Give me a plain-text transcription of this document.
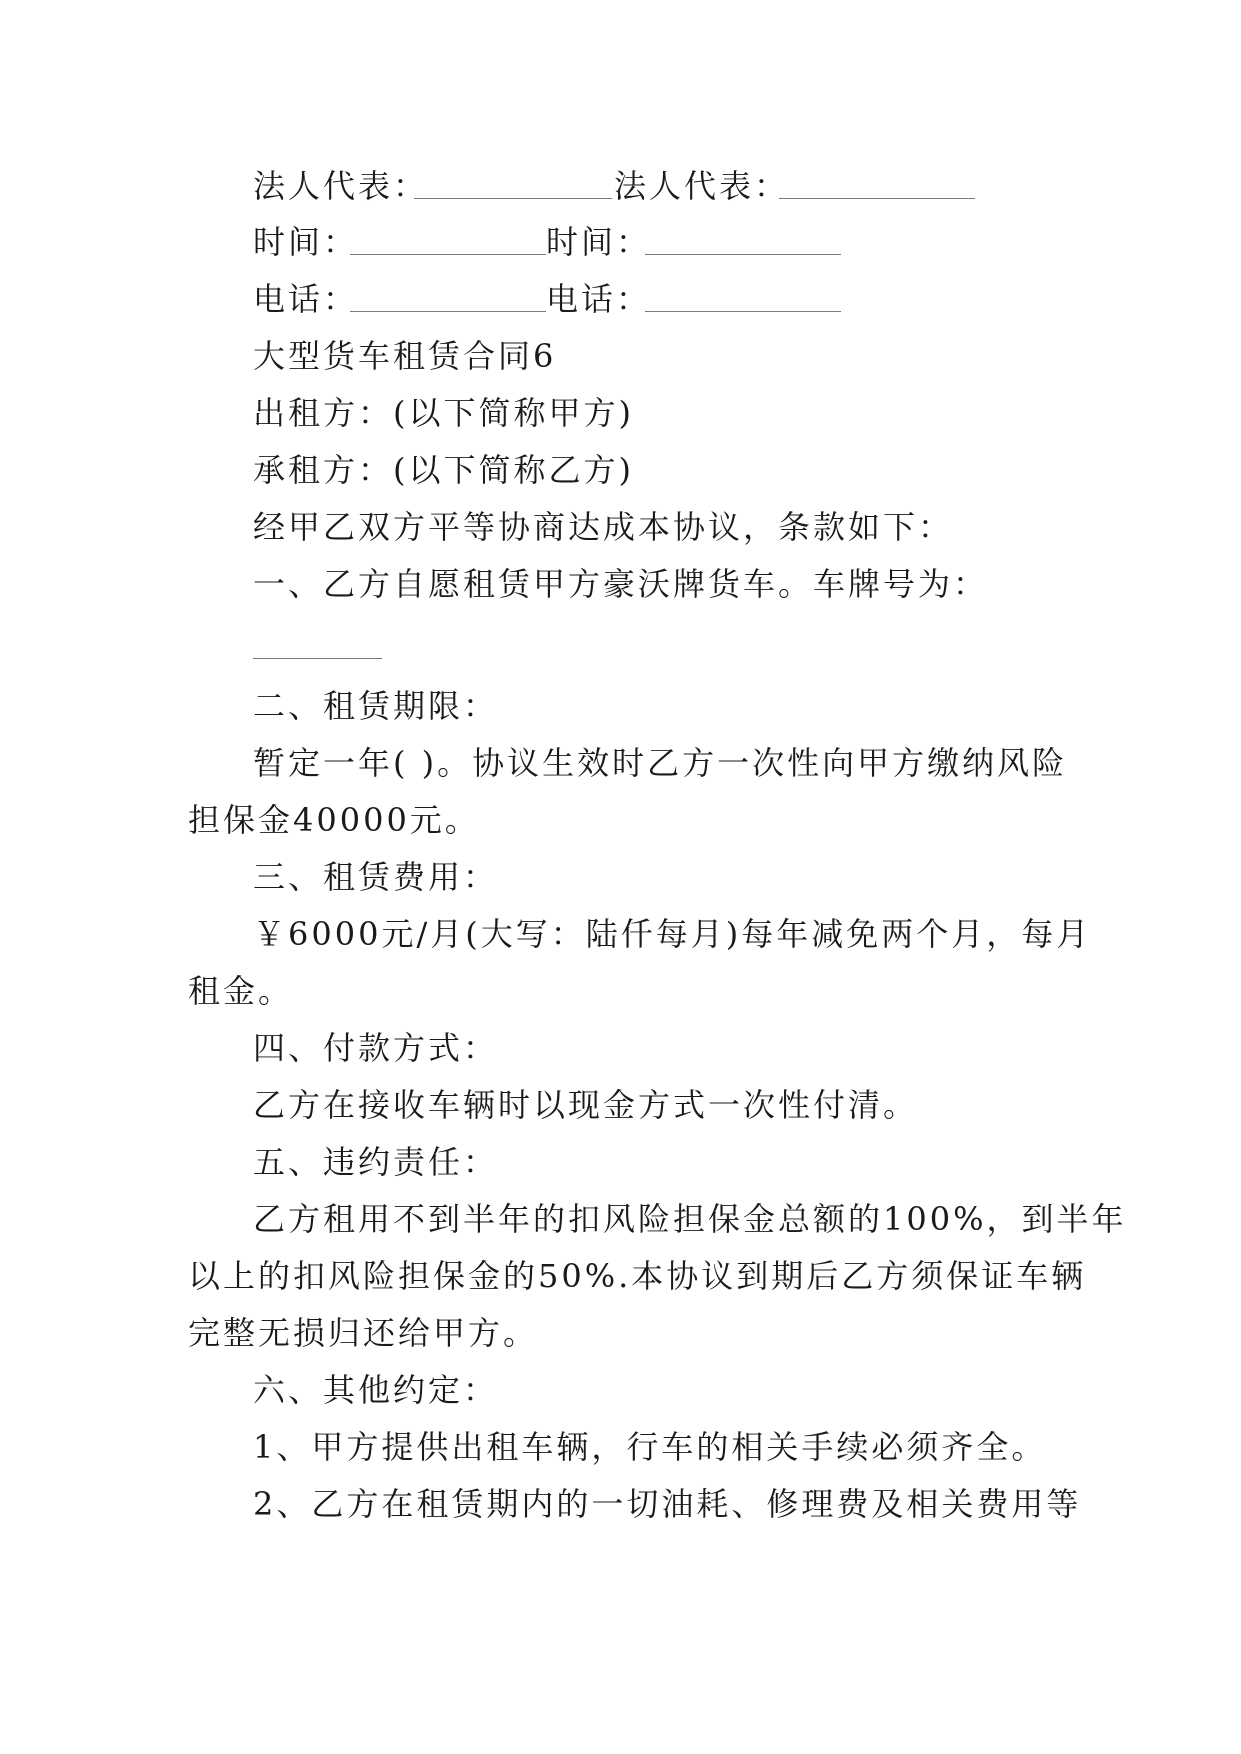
法人代表：	法人代表：
时间：	时间：
电话：	电话：
大型货车租赁合同6
出租方：(以下简称甲方)
承租方：(以下简称乙方)
经甲乙双方平等协商达成本协议，条款如下：
一、乙方自愿租赁甲方豪沃牌货车。车牌号为：
二、租赁期限：
暂定一年( )。协议生效时乙方一次性向甲方缴纳风险
担保金40000元。
三、租赁费用：
￥6000元/月(大写：陆仟每月)每年减免两个月，每月
租金。
四、付款方式：
乙方在接收车辆时以现金方式一次性付清。
五、违约责任：
乙方租用不到半年的扣风险担保金总额的100%，到半年
以上的扣风险担保金的50%.本协议到期后乙方须保证车辆
完整无损归还给甲方。
六、其他约定：
1、甲方提供出租车辆，行车的相关手续必须齐全。
2、乙方在租赁期内的一切油耗、修理费及相关费用等
